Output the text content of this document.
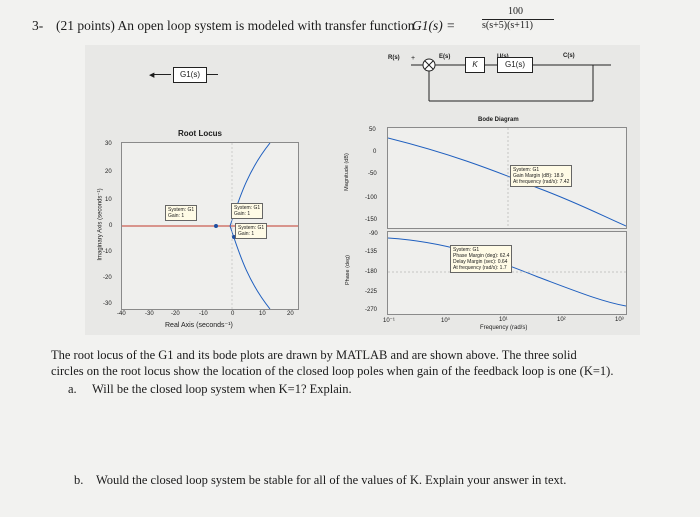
3- (21 points) An open loop system is modeled with transfer function
G1(s) =
100
s(s+5)(s+11)
◀	G1(s)
R(s) +	E(s)
K	G1(s)
C(s)
Root Locus
System: G1
Gain: 1
System: G1
Gain: 1
System: G1
Gain: 1
30
20
10
0
-10
-20
-30
-40	-30	-20	-10	0	10	20
Real Axis (seconds⁻¹)
Imaginary Axis (seconds⁻¹)
Bode Diagram
System: G1
Gain Margin (dB): 18.9
At frequency (rad/s): 7.42
System: G1
Phase Margin (deg): 62.4
Delay Margin (sec): 0.64
At frequency (rad/s): 1.7
50
0
-50
-100
-150
-90
-135
-180
-225
-270
10⁻¹	10⁰	10¹	10²	10³
Frequency (rad/s)
Magnitude (dB)
Phase (deg)
The root locus of the G1 and its bode plots are drawn by MATLAB and are shown above. The three solid
circles on the root locus show the location of the closed loop poles when gain of the feedback loop is one (K=1).
a. Will be the closed loop system when K=1? Explain.
b. Would the closed loop system be stable for all of the values of K. Explain your answer in text.
